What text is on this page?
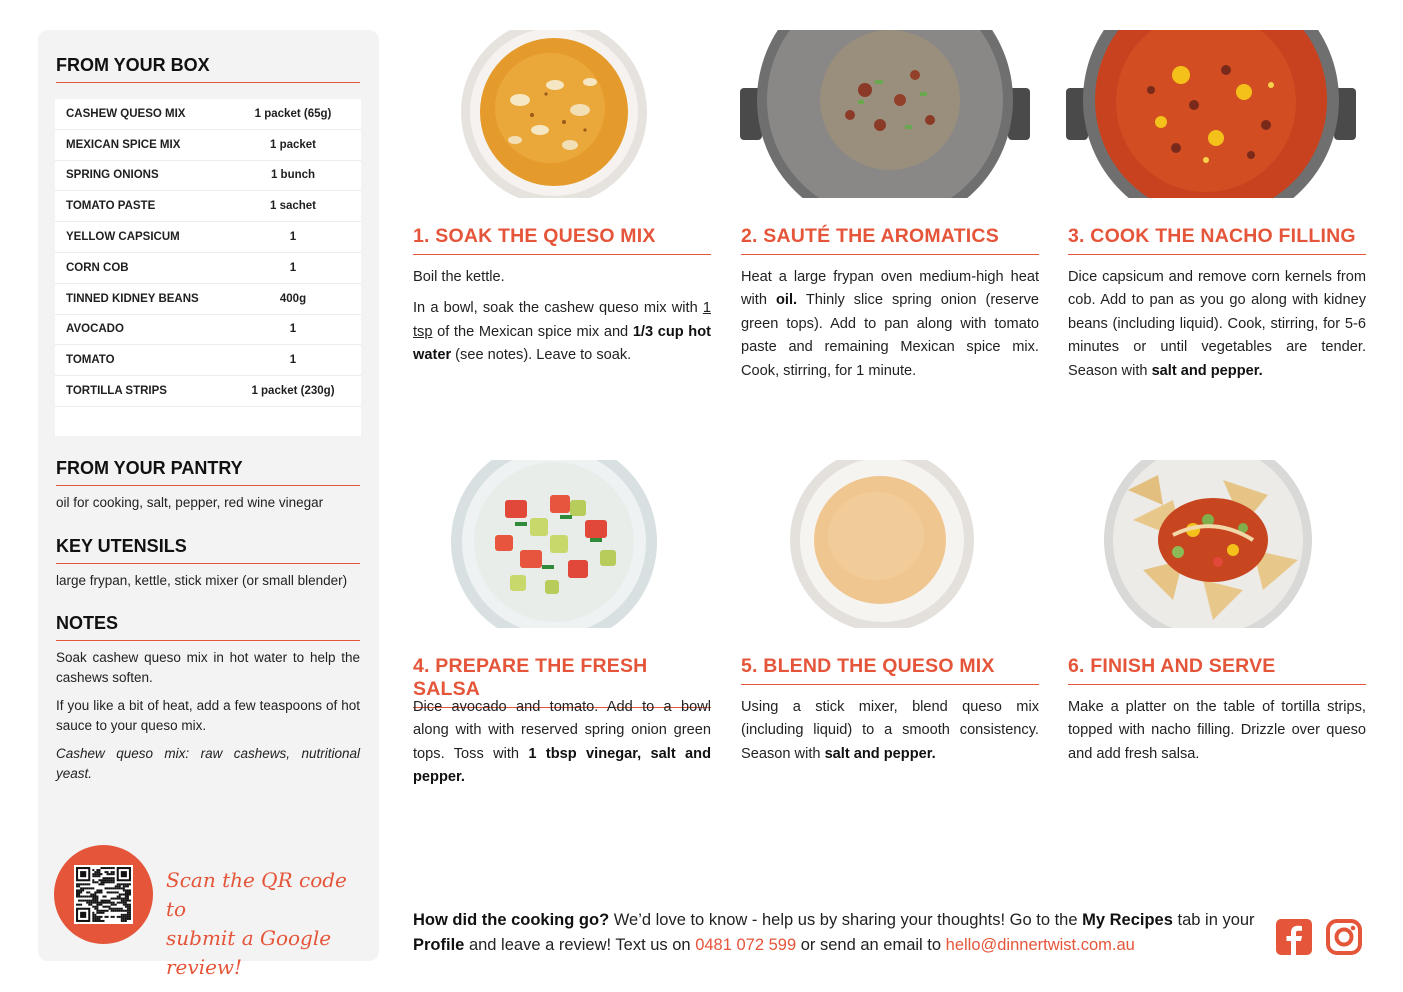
FROM YOUR BOX
CASHEW QUESO MIX	1 packet (65g)
MEXICAN SPICE MIX	1 packet
SPRING ONIONS	1 bunch
TOMATO PASTE	1 sachet
YELLOW CAPSICUM	1
CORN COB	1
TINNED KIDNEY BEANS	400g
AVOCADO	1
TOMATO	1
TORTILLA STRIPS	1 packet (230g)
FROM YOUR PANTRY
oil for cooking, salt, pepper, red wine vinegar
KEY UTENSILS
large frypan, kettle, stick mixer (or small blender)
NOTES
Soak cashew queso mix in hot water to help the cashews soften.
If you like a bit of heat, add a few teaspoons of hot sauce to your queso mix.
Cashew queso mix: raw cashews, nutritional yeast.
Scan the QR code to
submit a Google review!
1. SOAK THE QUESO MIX

Boil the kettle.

In a bowl, soak the cashew queso mix with 1 tsp of the Mexican spice mix and 1/3 cup hot water (see notes). Leave to soak.

2. SAUTÉ THE AROMATICS

Heat a large frypan oven medium-high heat with oil. Thinly slice spring onion (reserve green tops). Add to pan along with tomato paste and remaining Mexican spice mix. Cook, stirring, for 1 minute.

3. COOK THE NACHO FILLING

Dice capsicum and remove corn kernels from cob. Add to pan as you go along with kidney beans (including liquid). Cook, stirring, for 5-6 minutes or until vegetables are tender. Season with salt and pepper.

4. PREPARE THE FRESH SALSA

Dice avocado and tomato. Add to a bowl along with with reserved spring onion green tops. Toss with 1 tbsp vinegar, salt and pepper.

5. BLEND THE QUESO MIX

Using a stick mixer, blend queso mix (including liquid) to a smooth consistency. Season with salt and pepper.

6. FINISH AND SERVE

Make a platter on the table of tortilla strips, topped with nacho filling. Drizzle over queso and add fresh salsa.

How did the cooking go? We’d love to know - help us by sharing your thoughts! Go to the My Recipes tab in your Profile and leave a review! Text us on 0481 072 599 or send an email to hello@dinnertwist.com.au
